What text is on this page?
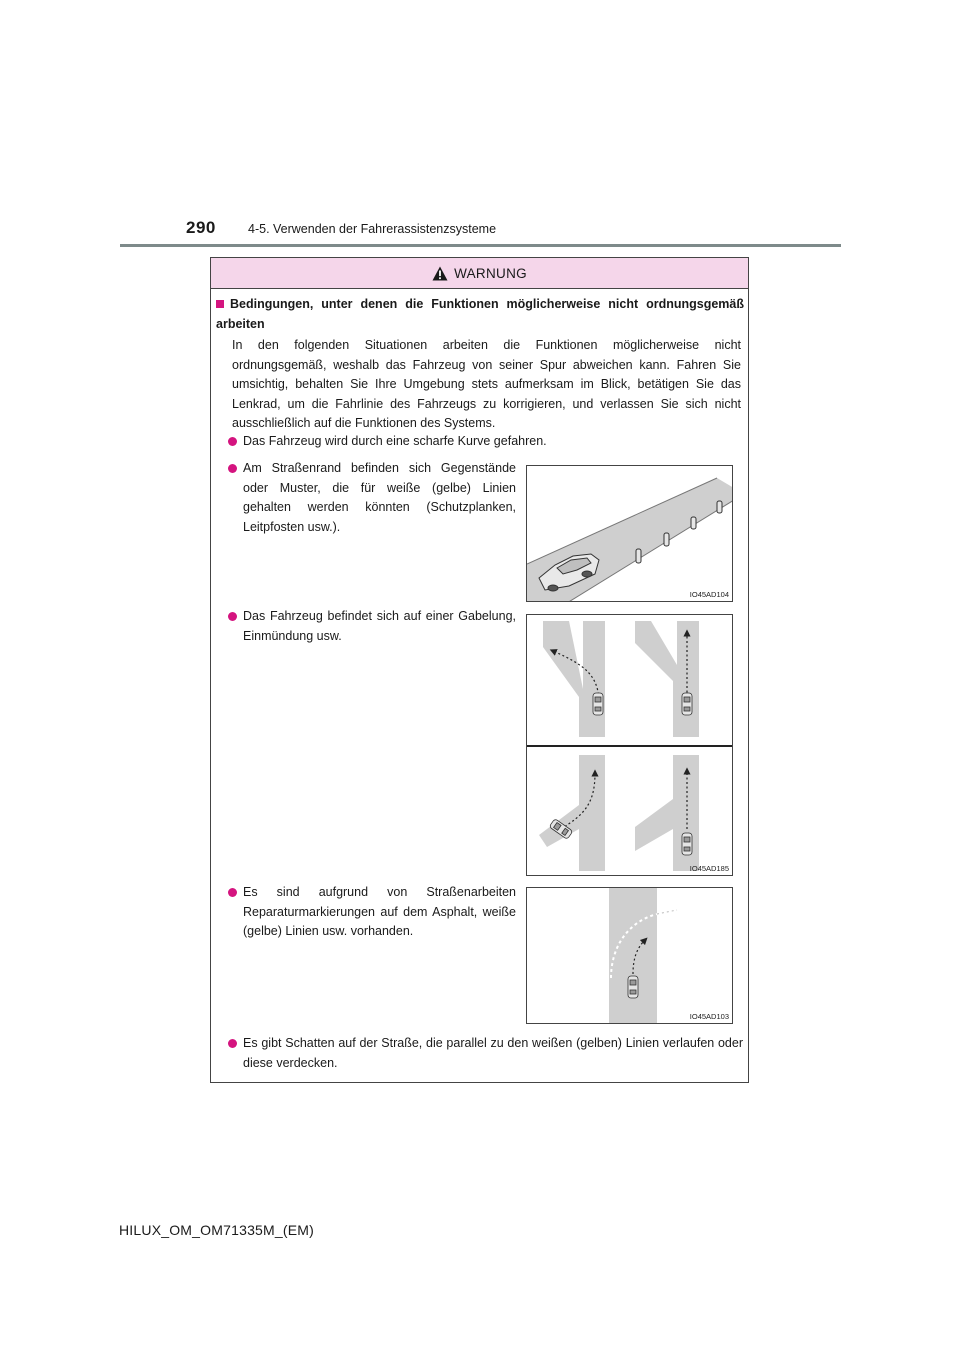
290	4-5. Verwenden der Fahrerassistenzsysteme
WARNUNG
Bedingungen, unter denen die Funktionen möglicherweise nicht ordnungsgemäß arbeiten
In den folgenden Situationen arbeiten die Funktionen möglicherweise nicht ordnungsgemäß, weshalb das Fahrzeug von seiner Spur abweichen kann. Fahren Sie umsichtig, behalten Sie Ihre Umgebung stets aufmerksam im Blick, betätigen Sie das Lenkrad, um die Fahrlinie des Fahrzeugs zu korrigieren, und verlassen Sie sich nicht ausschließlich auf die Funktionen des Systems.
Das Fahrzeug wird durch eine scharfe Kurve gefahren.
Am Straßenrand befinden sich Gegenstände oder Muster, die für weiße (gelbe) Linien gehalten werden könnten (Schutzplanken, Leitpfosten usw.).
IO45AD104
Das Fahrzeug befindet sich auf einer Gabelung, Einmündung usw.
IO45AD185
Es sind aufgrund von Straßenarbeiten Reparaturmarkierungen auf dem Asphalt, weiße (gelbe) Linien usw. vorhanden.
IO45AD103
Es gibt Schatten auf der Straße, die parallel zu den weißen (gelben) Linien verlaufen oder diese verdecken.
HILUX_OM_OM71335M_(EM)
